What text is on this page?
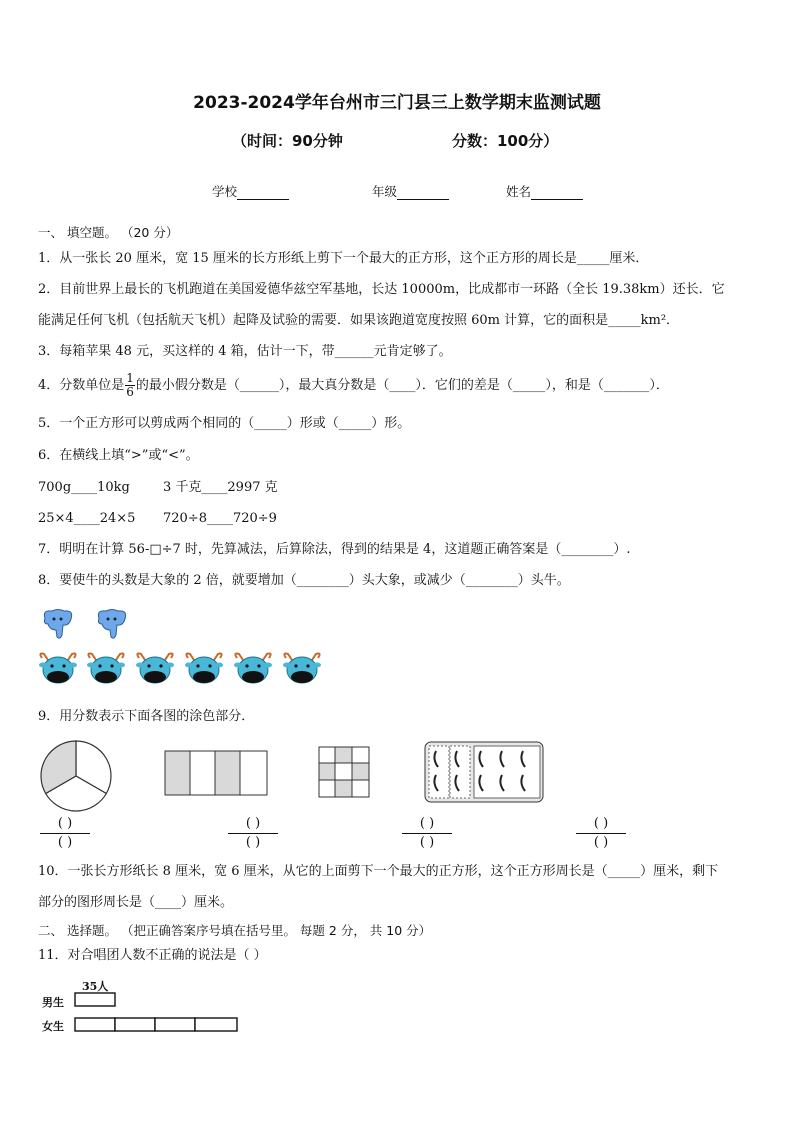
2023-2024学年台州市三门县三上数学期末监测试题
（时间：90分钟	分数：100分）
学校	年级	姓名
一、 填空题。 （20 分）
1．从一张长 20 厘米，宽 15 厘米的长方形纸上剪下一个最大的正方形，这个正方形的周长是_____厘米．
2．目前世界上最长的飞机跑道在美国爱德华兹空军基地，长达 10000m，比成都市一环路（全长 19.38km）还长．它
能满足任何飞机（包括航天飞机）起降及试验的需要．如果该跑道宽度按照 60m 计算，它的面积是_____km²．
3．每箱苹果 48 元，买这样的 4 箱，估计一下，带______元肯定够了。
4．分数单位是 $\frac{1}{6}$ 的最小假分数是（______），最大真分数是（____）．它们的差是（_____），和是（_______）．
5．一个正方形可以剪成两个相同的（_____）形或（_____）形。
6．在横线上填“>”或“<”。
700g____10kg	3 千克____2997 克
25×4____24×5 720÷8____720÷9
7．明明在计算 56-□÷7 时，先算减法，后算除法，得到的结果是 4，这道题正确答案是（________）.
8．要使牛的头数是大象的 2 倍，就要增加（________）头大象，或减少（________）头牛。
9．用分数表示下面各图的涂色部分．
( )
( )
( )
( )
( )
( )
( )
( )
10．一张长方形纸长 8 厘米，宽 6 厘米，从它的上面剪下一个最大的正方形，这个正方形周长是（_____）厘米，剩下
部分的图形周长是（____）厘米。
二、 选择题。 （把正确答案序号填在括号里。 每题 2 分， 共 10 分）
11．对合唱团人数不正确的说法是（ ）
35人
男生
女生
